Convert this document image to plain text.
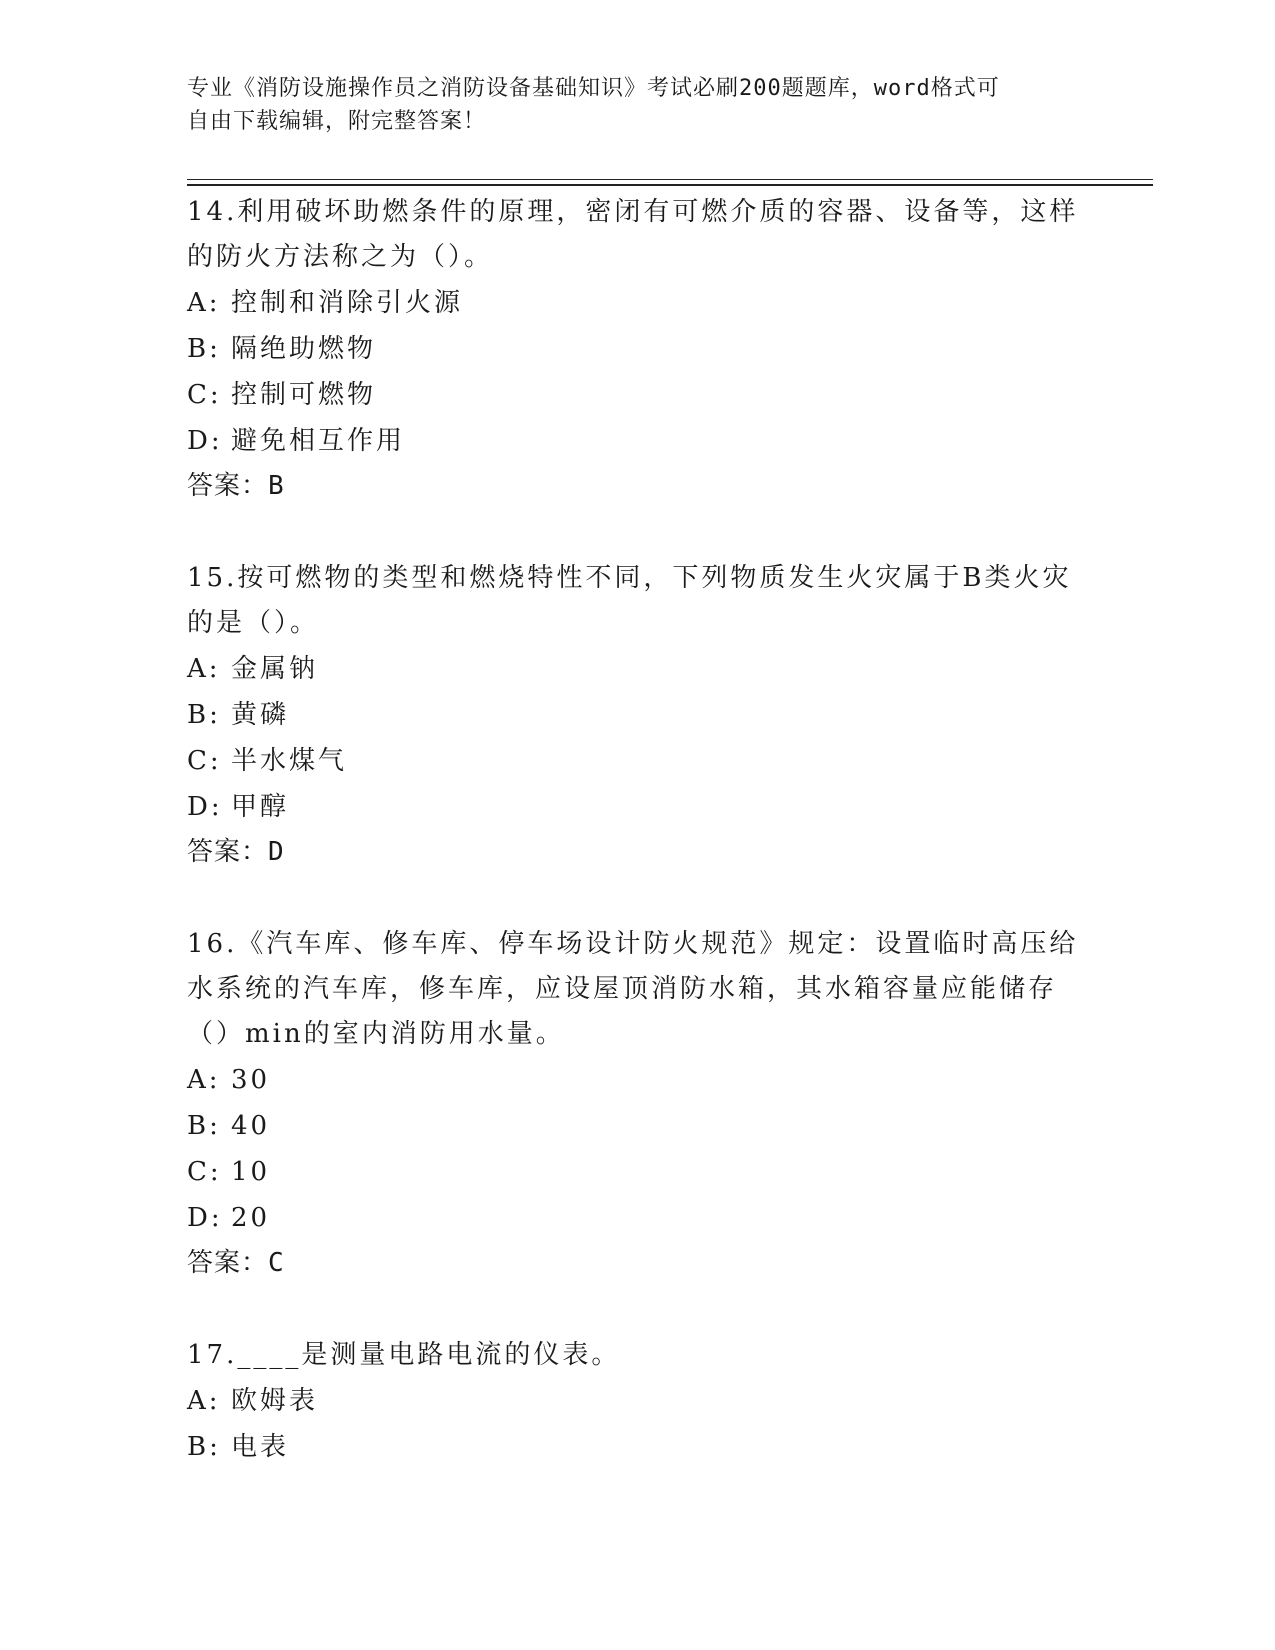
专业《消防设施操作员之消防设备基础知识》考试必刷200题题库，word格式可
自由下载编辑，附完整答案！
14.利用破坏助燃条件的原理，密闭有可燃介质的容器、设备等，这样
的防火方法称之为（）。
A: 控制和消除引火源
B: 隔绝助燃物
C: 控制可燃物
D: 避免相互作用
答案：B
15.按可燃物的类型和燃烧特性不同，下列物质发生火灾属于B类火灾
的是（）。
A: 金属钠
B: 黄磷
C: 半水煤气
D: 甲醇
答案：D
16.《汽车库、修车库、停车场设计防火规范》规定：设置临时高压给
水系统的汽车库，修车库，应设屋顶消防水箱，其水箱容量应能储存
（）min的室内消防用水量。
A: 30
B: 40
C: 10
D: 20
答案：C
17.____是测量电路电流的仪表。
A: 欧姆表
B: 电表
